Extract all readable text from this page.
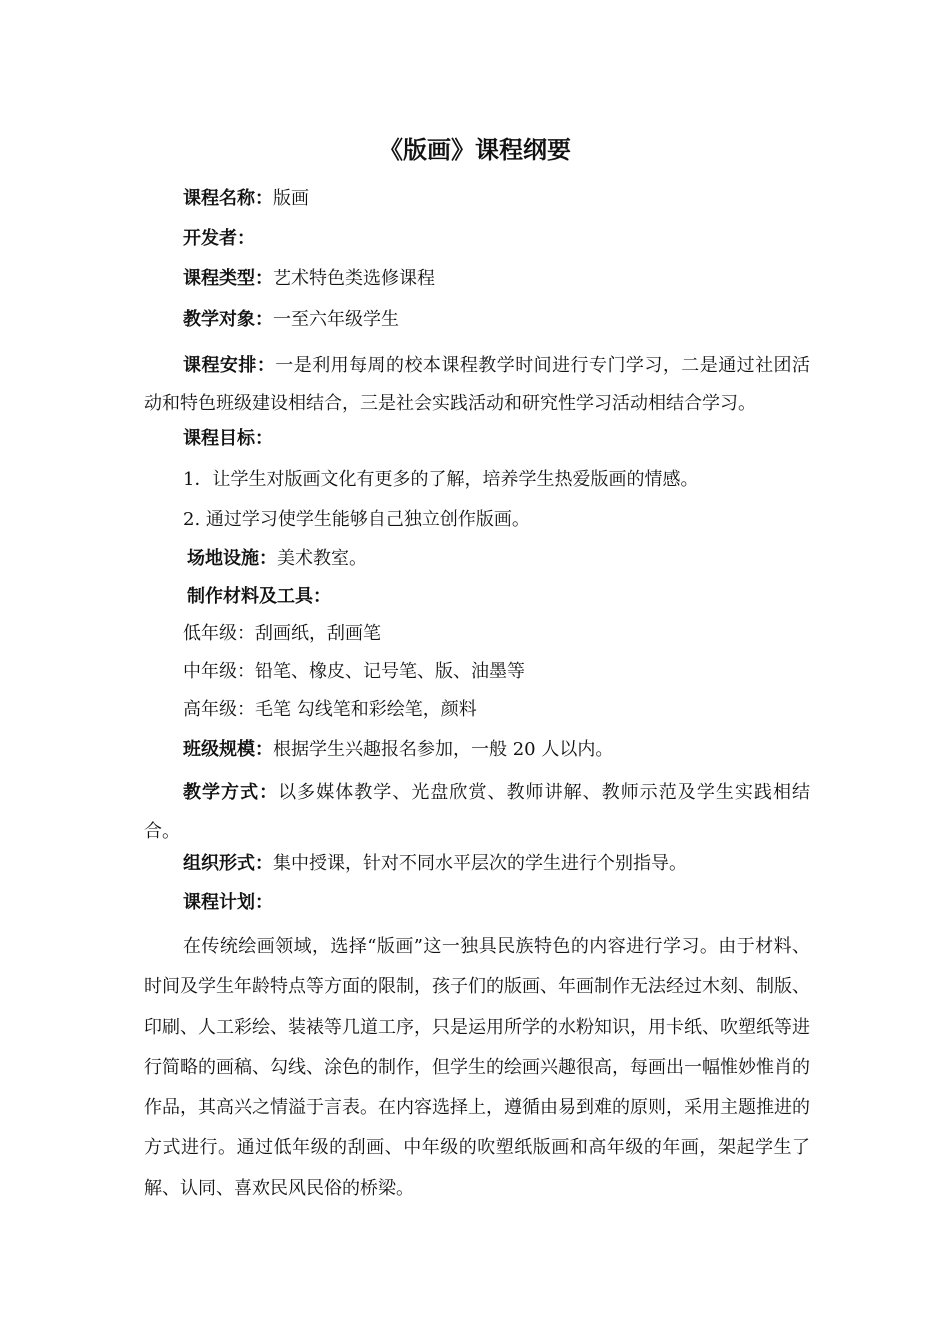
《版画》课程纲要
课程名称：版画
开发者：
课程类型：艺术特色类选修课程
教学对象：一至六年级学生
课程安排：一是利用每周的校本课程教学时间进行专门学习，二是通过社团活动和特色班级建设相结合，三是社会实践活动和研究性学习活动相结合学习。
课程目标：
1．让学生对版画文化有更多的了解，培养学生热爱版画的情感。
2. 通过学习使学生能够自己独立创作版画。
场地设施：美术教室。
制作材料及工具：
低年级：刮画纸，刮画笔
中年级：铅笔、橡皮、记号笔、版、油墨等
高年级：毛笔 勾线笔和彩绘笔，颜料
班级规模：根据学生兴趣报名参加，一般 20 人以内。
教学方式：以多媒体教学、光盘欣赏、教师讲解、教师示范及学生实践相结合。
组织形式：集中授课，针对不同水平层次的学生进行个别指导。
课程计划：
在传统绘画领域，选择“版画”这一独具民族特色的内容进行学习。由于材料、时间及学生年龄特点等方面的限制，孩子们的版画、年画制作无法经过木刻、制版、印刷、人工彩绘、装裱等几道工序，只是运用所学的水粉知识，用卡纸、吹塑纸等进行简略的画稿、勾线、涂色的制作，但学生的绘画兴趣很高，每画出一幅惟妙惟肖的作品，其高兴之情溢于言表。在内容选择上，遵循由易到难的原则，采用主题推进的方式进行。通过低年级的刮画、中年级的吹塑纸版画和高年级的年画，架起学生了解、认同、喜欢民风民俗的桥梁。
